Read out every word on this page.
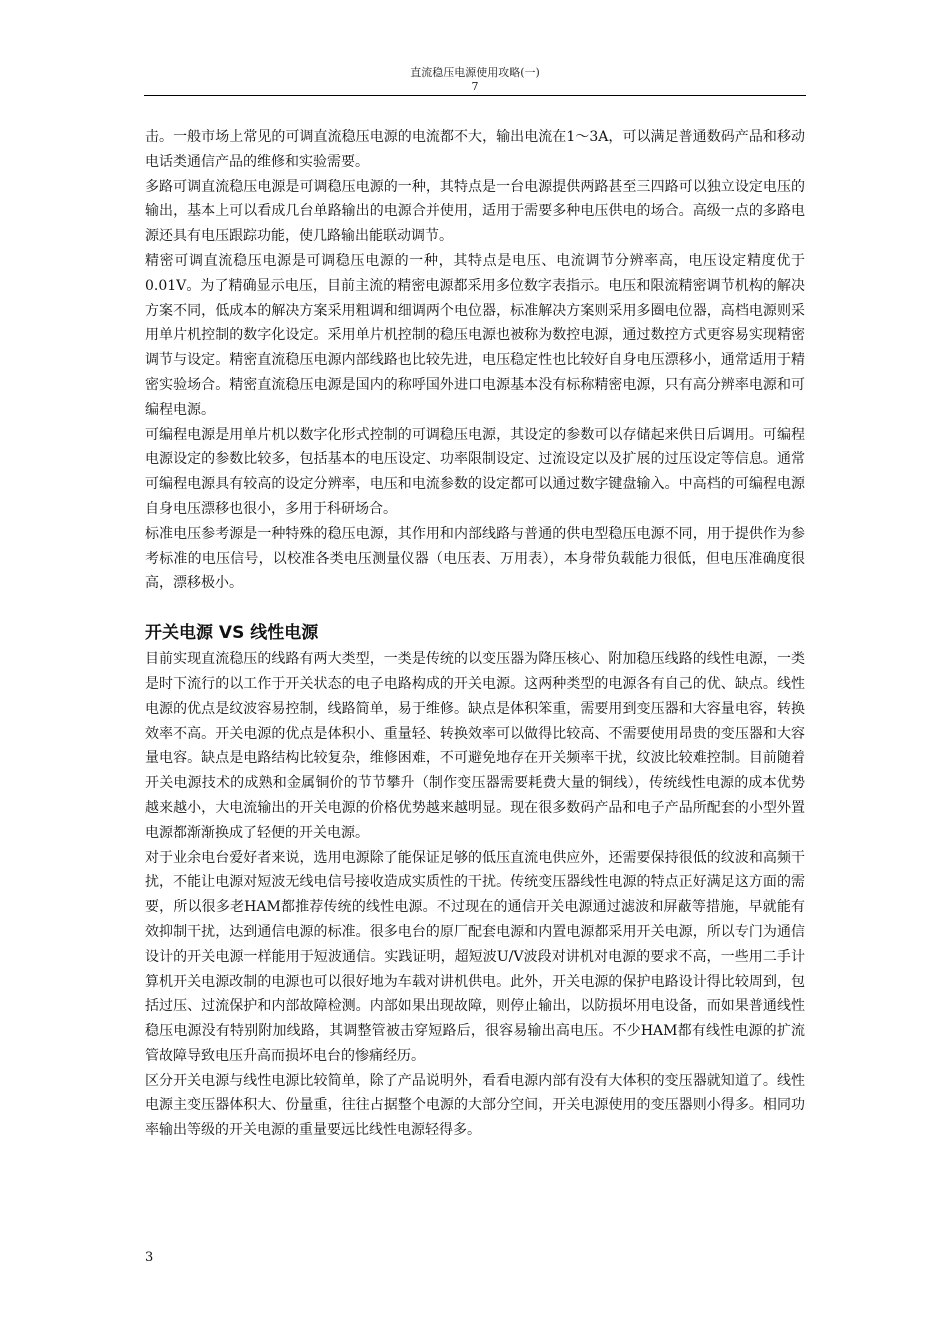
直流稳压电源使用攻略(一)
7

击。一般市场上常见的可调直流稳压电源的电流都不大，输出电流在1～3A，可以满足普通数码产品和移动电话类通信产品的维修和实验需要。

多路可调直流稳压电源是可调稳压电源的一种，其特点是一台电源提供两路甚至三四路可以独立设定电压的输出，基本上可以看成几台单路输出的电源合并使用，适用于需要多种电压供电的场合。高级一点的多路电源还具有电压跟踪功能，使几路输出能联动调节。

精密可调直流稳压电源是可调稳压电源的一种，其特点是电压、电流调节分辨率高，电压设定精度优于0.01V。为了精确显示电压，目前主流的精密电源都采用多位数字表指示。电压和限流精密调节机构的解决方案不同，低成本的解决方案采用粗调和细调两个电位器，标准解决方案则采用多圈电位器，高档电源则采用单片机控制的数字化设定。采用单片机控制的稳压电源也被称为数控电源，通过数控方式更容易实现精密调节与设定。精密直流稳压电源内部线路也比较先进，电压稳定性也比较好自身电压漂移小，通常适用于精密实验场合。精密直流稳压电源是国内的称呼国外进口电源基本没有标称精密电源，只有高分辨率电源和可编程电源。

可编程电源是用单片机以数字化形式控制的可调稳压电源，其设定的参数可以存储起来供日后调用。可编程电源设定的参数比较多，包括基本的电压设定、功率限制设定、过流设定以及扩展的过压设定等信息。通常可编程电源具有较高的设定分辨率，电压和电流参数的设定都可以通过数字键盘输入。中高档的可编程电源自身电压漂移也很小，多用于科研场合。

标准电压参考源是一种特殊的稳压电源，其作用和内部线路与普通的供电型稳压电源不同，用于提供作为参考标准的电压信号，以校准各类电压测量仪器（电压表、万用表），本身带负载能力很低，但电压准确度很高，漂移极小。

开关电源 VS 线性电源

目前实现直流稳压的线路有两大类型，一类是传统的以变压器为降压核心、附加稳压线路的线性电源，一类是时下流行的以工作于开关状态的电子电路构成的开关电源。这两种类型的电源各有自己的优、缺点。线性电源的优点是纹波容易控制，线路简单，易于维修。缺点是体积笨重，需要用到变压器和大容量电容，转换效率不高。开关电源的优点是体积小、重量轻、转换效率可以做得比较高、不需要使用昂贵的变压器和大容量电容。缺点是电路结构比较复杂，维修困难，不可避免地存在开关频率干扰，纹波比较难控制。目前随着开关电源技术的成熟和金属铜价的节节攀升（制作变压器需要耗费大量的铜线），传统线性电源的成本优势越来越小，大电流输出的开关电源的价格优势越来越明显。现在很多数码产品和电子产品所配套的小型外置电源都渐渐换成了轻便的开关电源。

对于业余电台爱好者来说，选用电源除了能保证足够的低压直流电供应外，还需要保持很低的纹波和高频干扰，不能让电源对短波无线电信号接收造成实质性的干扰。传统变压器线性电源的特点正好满足这方面的需要，所以很多老HAM都推荐传统的线性电源。不过现在的通信开关电源通过滤波和屏蔽等措施，早就能有效抑制干扰，达到通信电源的标准。很多电台的原厂配套电源和内置电源都采用开关电源，所以专门为通信设计的开关电源一样能用于短波通信。实践证明，超短波U/V波段对讲机对电源的要求不高，一些用二手计算机开关电源改制的电源也可以很好地为车载对讲机供电。此外，开关电源的保护电路设计得比较周到，包括过压、过流保护和内部故障检测。内部如果出现故障，则停止输出，以防损坏用电设备，而如果普通线性稳压电源没有特别附加线路，其调整管被击穿短路后，很容易输出高电压。不少HAM都有线性电源的扩流管故障导致电压升高而损坏电台的惨痛经历。

区分开关电源与线性电源比较简单，除了产品说明外，看看电源内部有没有大体积的变压器就知道了。线性电源主变压器体积大、份量重，往往占据整个电源的大部分空间，开关电源使用的变压器则小得多。相同功率输出等级的开关电源的重量要远比线性电源轻得多。

3
